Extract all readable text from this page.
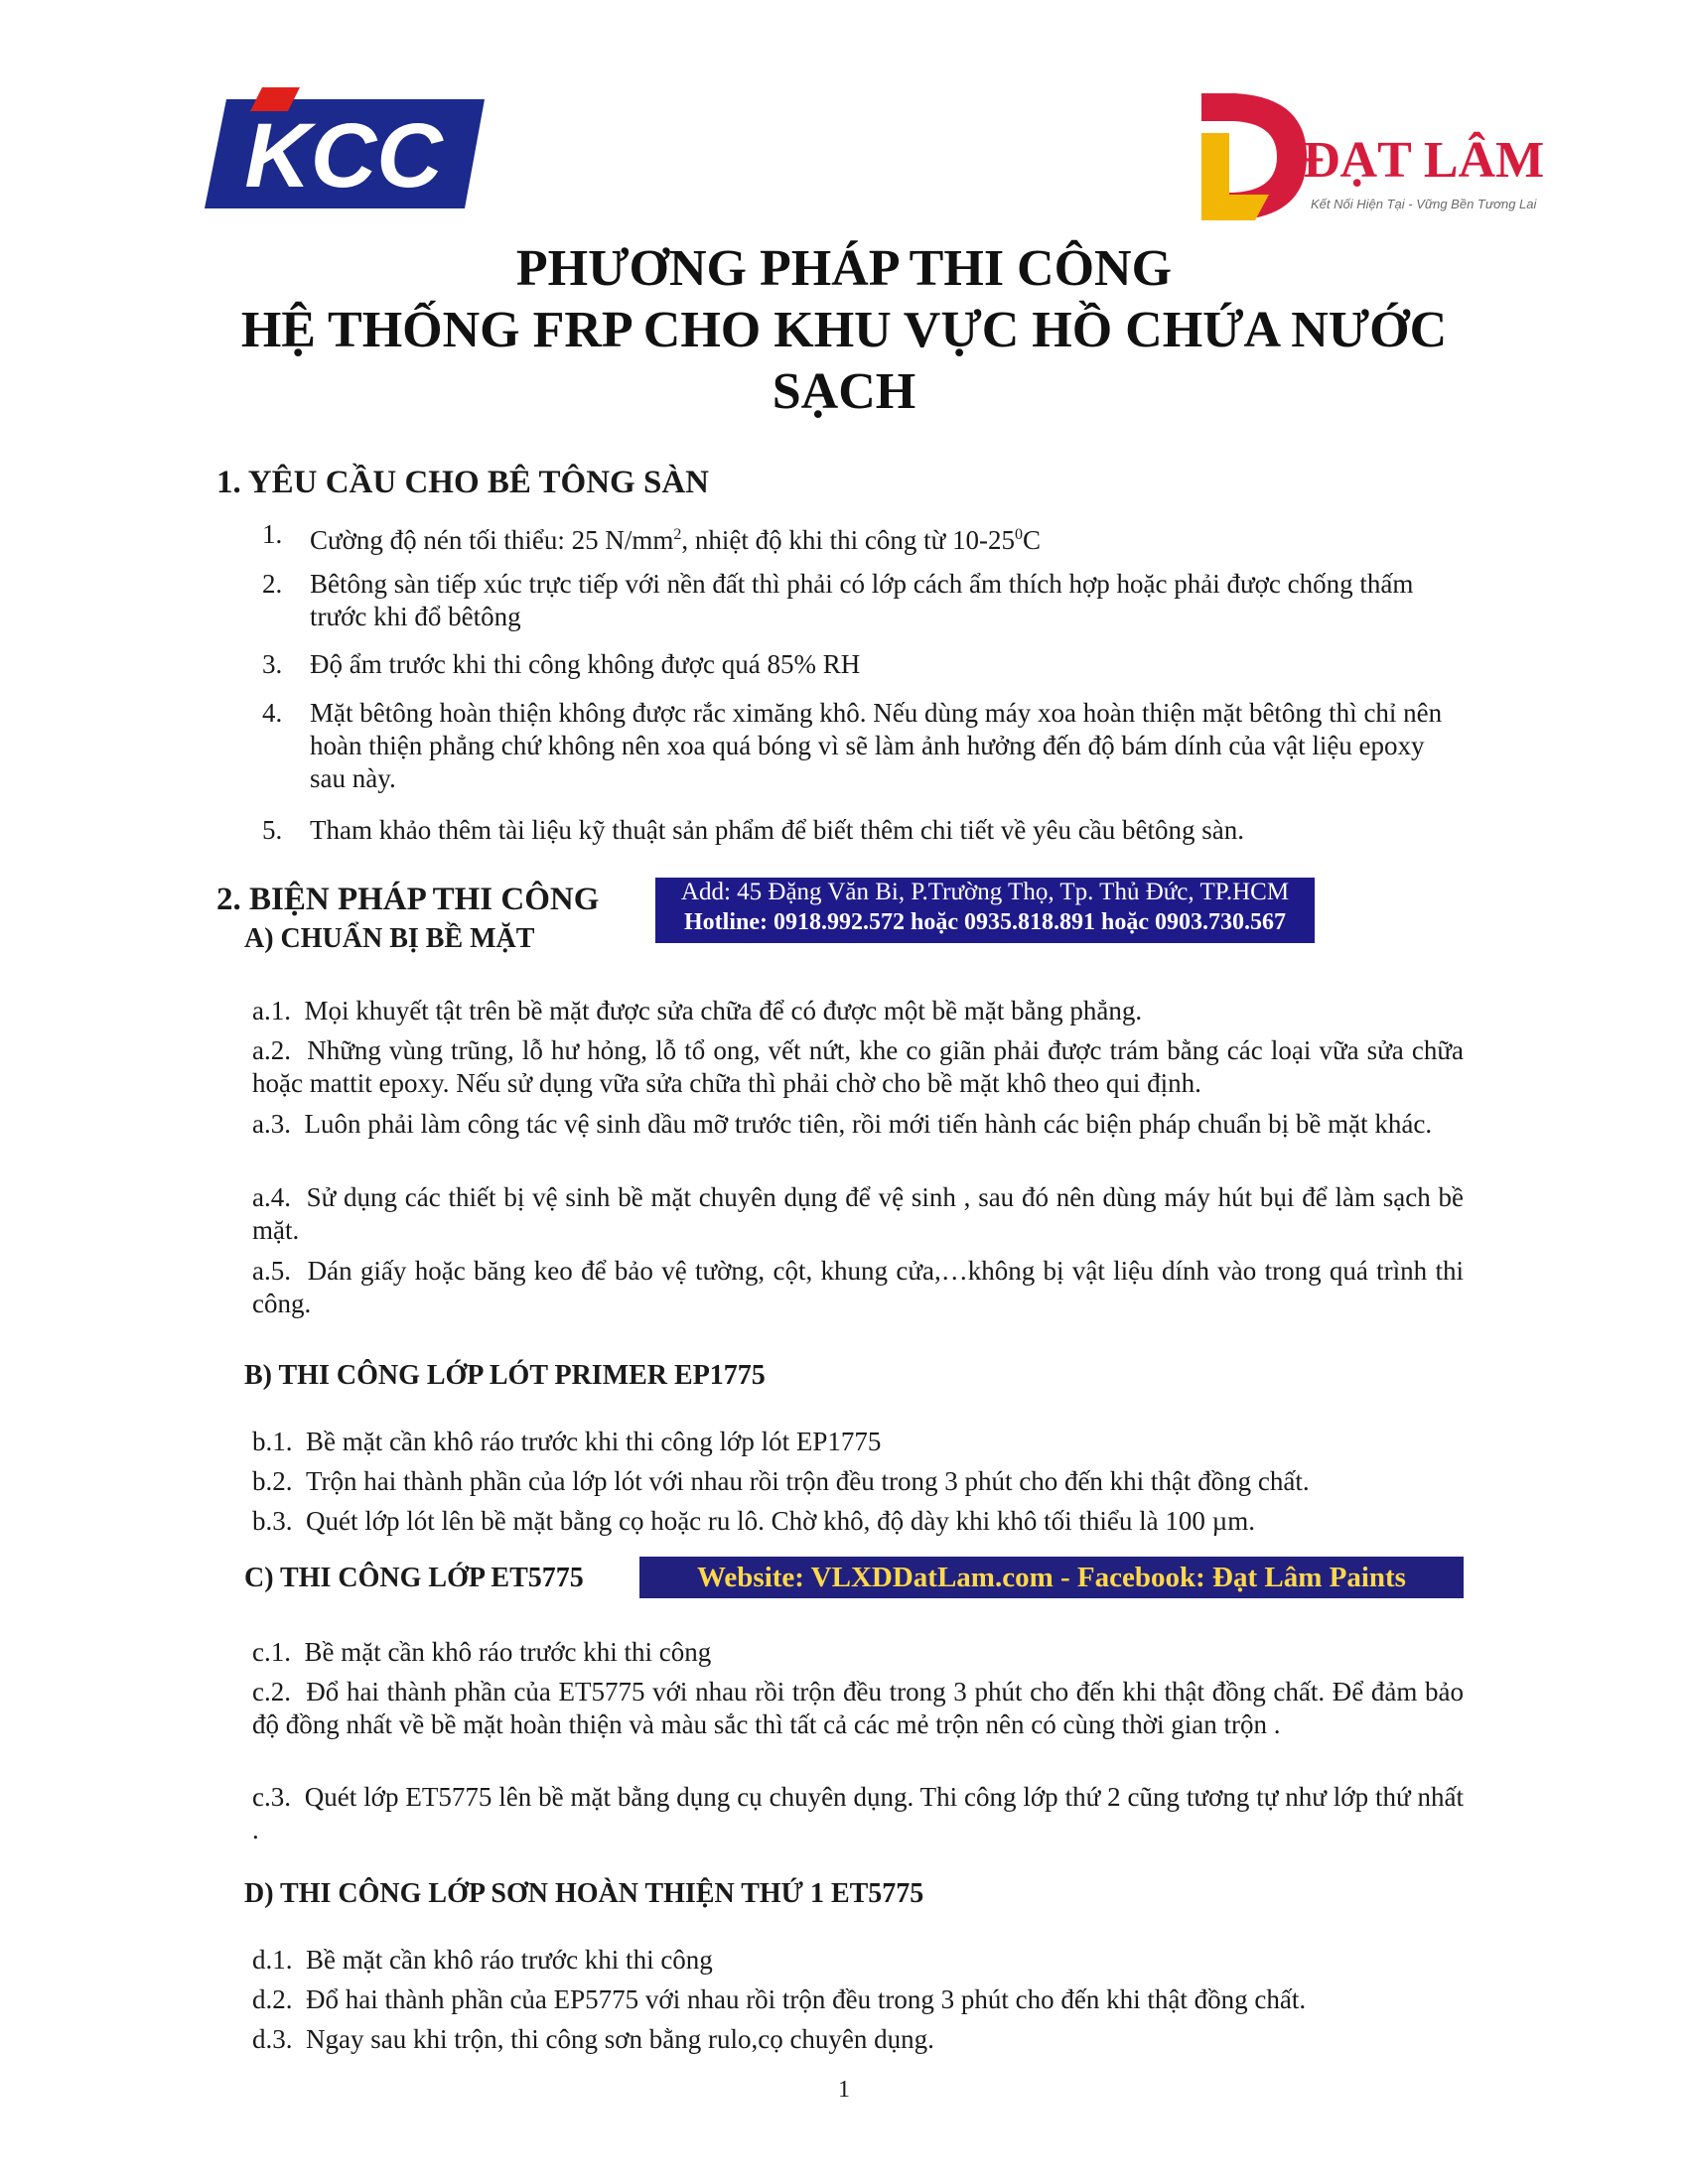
KCC	ĐẠT LÂM
Kết Nối Hiện Tại - Vững Bền Tương Lai
PHƯƠNG PHÁP THI CÔNG
HỆ THỐNG FRP CHO KHU VỰC HỒ CHỨA NƯỚC
SẠCH
1. YÊU CẦU CHO BÊ TÔNG SÀN
1. Cường độ nén tối thiểu: 25 $N/mm^2$, nhiệt độ khi thi công từ $10-25^0C$
2. Bêtông sàn tiếp xúc trực tiếp với nền đất thì phải có lớp cách ẩm thích hợp hoặc phải được chống thấm trước khi đổ bêtông
3. Độ ẩm trước khi thi công không được quá 85% RH
4. Mặt bêtông hoàn thiện không được rắc ximăng khô. Nếu dùng máy xoa hoàn thiện mặt bêtông thì chỉ nên hoàn thiện phẳng chứ không nên xoa quá bóng vì sẽ làm ảnh hưởng đến độ bám dính của vật liệu epoxy sau này.
5. Tham khảo thêm tài liệu kỹ thuật sản phẩm để biết thêm chi tiết về yêu cầu bêtông sàn.
2. BIỆN PHÁP THI CÔNG	Add: 45 Đặng Văn Bi, P.Trường Thọ, Tp. Thủ Đức, TP.HCM
Hotline: 0918.992.572 hoặc 0935.818.891 hoặc 0903.730.567
A) CHUẨN BỊ BỀ MẶT
a.1. Mọi khuyết tật trên bề mặt được sửa chữa để có được một bề mặt bằng phẳng.
a.2. Những vùng trũng, lỗ hư hỏng, lỗ tổ ong, vết nứt, khe co giãn phải được trám bằng các loại vữa sửa chữa hoặc mattit epoxy. Nếu sử dụng vữa sửa chữa thì phải chờ cho bề mặt khô theo qui định.
a.3. Luôn phải làm công tác vệ sinh dầu mỡ trước tiên, rồi mới tiến hành các biện pháp chuẩn bị bề mặt khác.
a.4. Sử dụng các thiết bị vệ sinh bề mặt chuyên dụng để vệ sinh , sau đó nên dùng máy hút bụi để làm sạch bề mặt.
a.5. Dán giấy hoặc băng keo để bảo vệ tường, cột, khung cửa,…không bị vật liệu dính vào trong quá trình thi công.
B) THI CÔNG LỚP LÓT PRIMER EP1775
b.1. Bề mặt cần khô ráo trước khi thi công lớp lót EP1775
b.2. Trộn hai thành phần của lớp lót với nhau rồi trộn đều trong 3 phút cho đến khi thật đồng chất.
b.3. Quét lớp lót lên bề mặt bằng cọ hoặc ru lô. Chờ khô, độ dày khi khô tối thiểu là 100 µm.
C) THI CÔNG LỚP ET5775	Website: VLXDDatLam.com - Facebook: Đạt Lâm Paints
c.1. Bề mặt cần khô ráo trước khi thi công
c.2. Đổ hai thành phần của ET5775 với nhau rồi trộn đều trong 3 phút cho đến khi thật đồng chất. Để đảm bảo độ đồng nhất về bề mặt hoàn thiện và màu sắc thì tất cả các mẻ trộn nên có cùng thời gian trộn .
c.3. Quét lớp ET5775 lên bề mặt bằng dụng cụ chuyên dụng. Thi công lớp thứ 2 cũng tương tự như lớp thứ nhất .
D) THI CÔNG LỚP SƠN HOÀN THIỆN THỨ 1 ET5775
d.1. Bề mặt cần khô ráo trước khi thi công
d.2. Đổ hai thành phần của EP5775 với nhau rồi trộn đều trong 3 phút cho đến khi thật đồng chất.
d.3. Ngay sau khi trộn, thi công sơn bằng rulo,cọ chuyên dụng.
1
